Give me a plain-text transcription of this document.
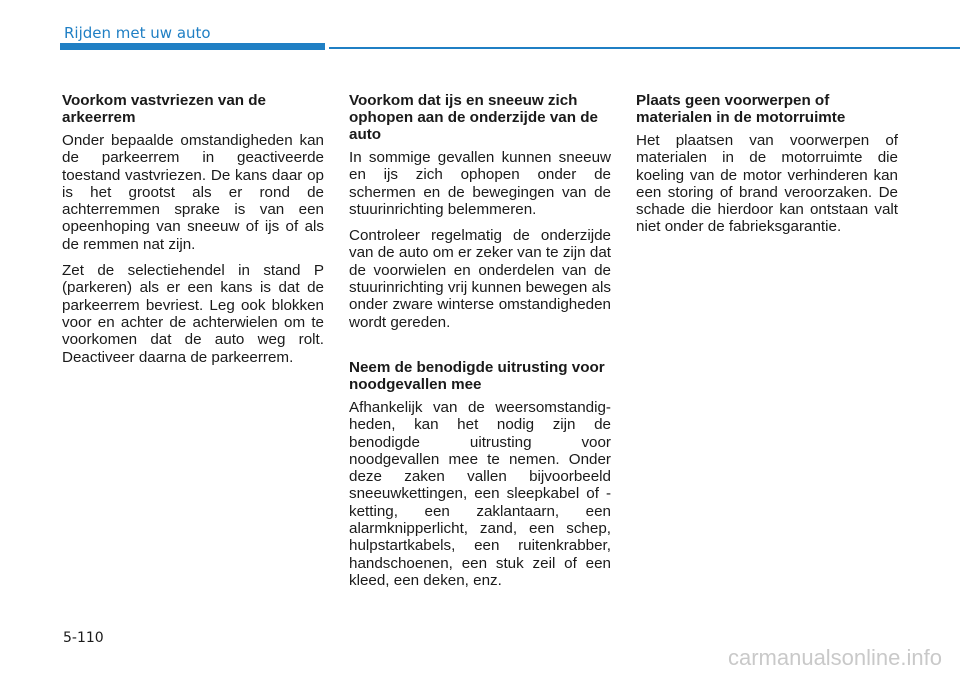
Rijden met uw auto
Voorkom vastvriezen van de arkeerrem

Onder bepaalde omstandigheden kan de parkeerrem in geactiveerde toestand vastvriezen. De kans daar op is het grootst als er rond de achterremmen sprake is van een opeenhoping van sneeuw of ijs of als de remmen nat zijn.

Zet de selectiehendel in stand P (parkeren) als er een kans is dat de parkeerrem bevriest. Leg ook blokken voor en achter de achterwielen om te voorkomen dat de auto weg rolt. Deactiveer daarna de parkeerrem.

Voorkom dat ijs en sneeuw zich ophopen aan de onderzijde van de auto

In sommige gevallen kunnen sneeuw en ijs zich ophopen onder de schermen en de bewegingen van de stuurinrichting belemmeren.

Controleer regelmatig de onderzijde van de auto om er zeker van te zijn dat de voorwielen en onderdelen van de stuurinrichting vrij kunnen bewegen als onder zware winterse omstandigheden wordt gereden.

Neem de benodigde uitrusting voor noodgevallen mee

Afhankelijk van de weersomstandig-heden, kan het nodig zijn de benodigde uitrusting voor noodgevallen mee te nemen. Onder deze zaken vallen bijvoorbeeld sneeuwkettingen, een sleepkabel of -ketting, een zaklantaarn, een alarmknipperlicht, zand, een schep, hulpstartkabels, een ruitenkrabber, handschoenen, een stuk zeil of een kleed, een deken, enz.

Plaats geen voorwerpen of materialen in de motorruimte

Het plaatsen van voorwerpen of materialen in de motorruimte die koeling van de motor verhinderen kan een storing of brand veroorzaken. De schade die hierdoor kan ontstaan valt niet onder de fabrieksgarantie.

5-110
carmanualsonline.info
